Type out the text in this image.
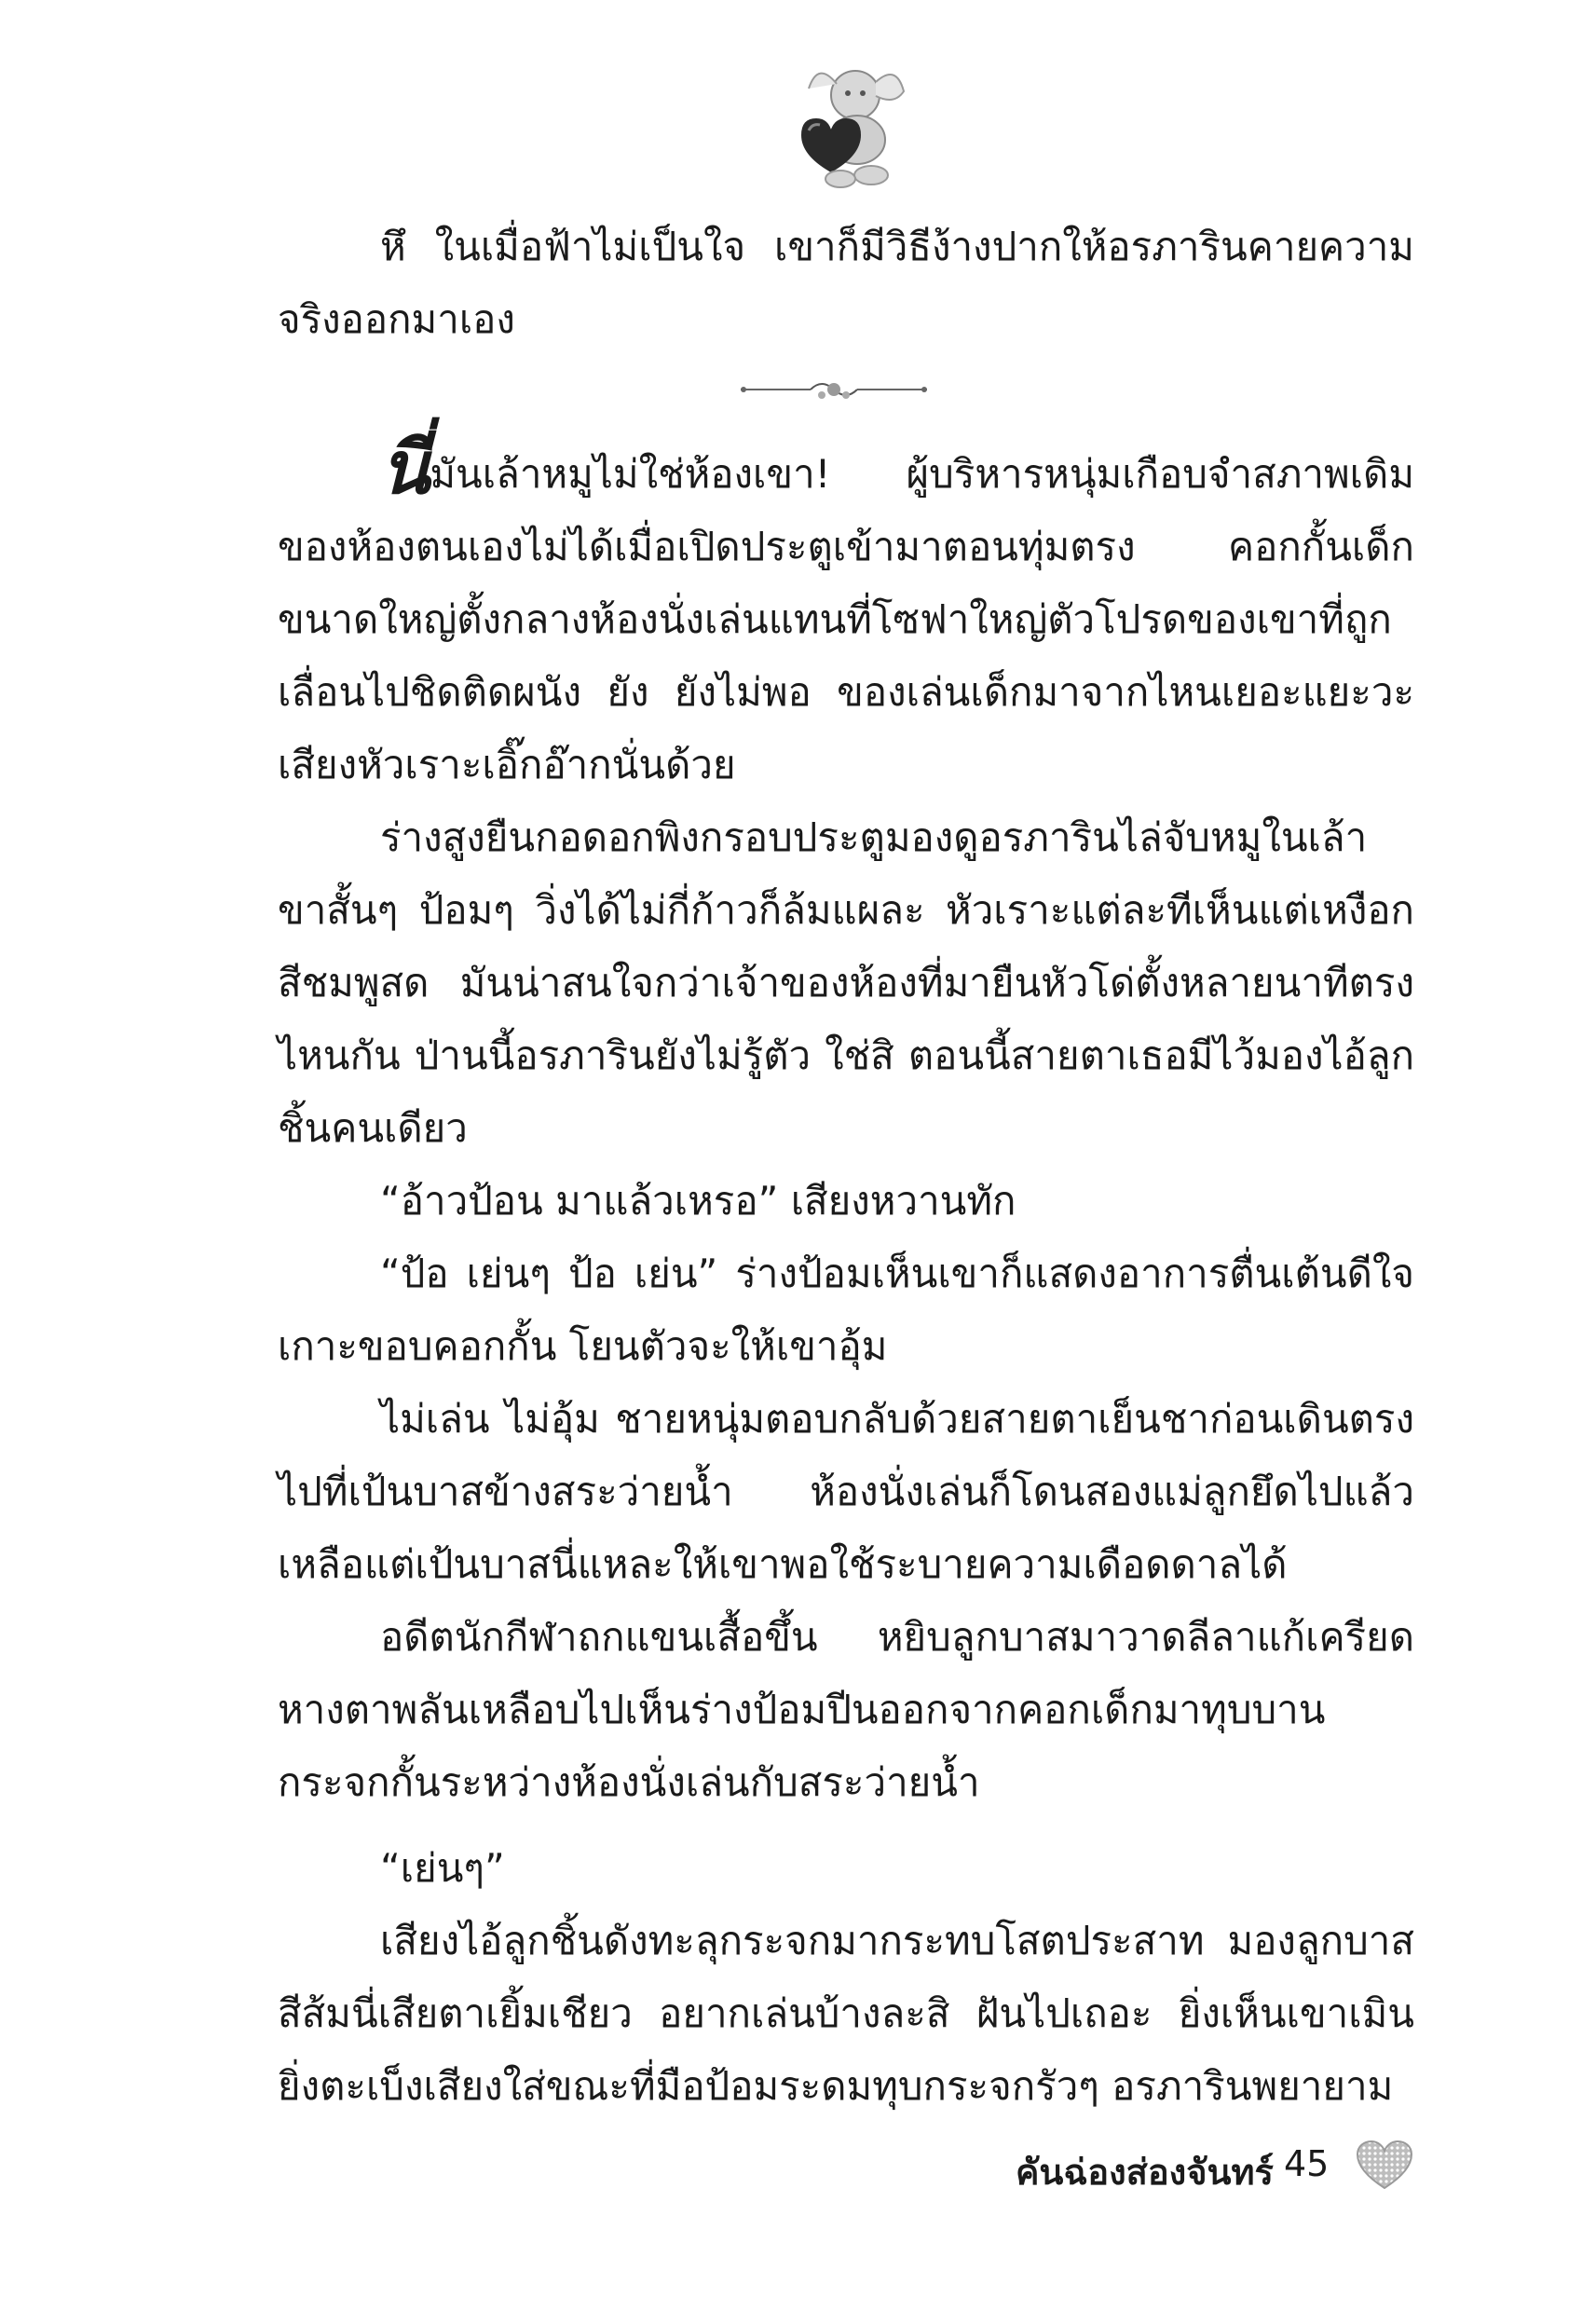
หึ ในเมื่อฟ้าไม่เป็นใจ เขาก็มีวิธีง้างปากให้อรภารินคายความจริงออกมาเอง

นี่มันเล้าหมูไม่ใช่ห้องเขา! ผู้บริหารหนุ่มเกือบจำสภาพเดิมของห้องตนเองไม่ได้เมื่อเปิดประตูเข้ามาตอนทุ่มตรง คอกกั้นเด็กขนาดใหญ่ตั้งกลางห้องนั่งเล่นแทนที่โซฟาใหญ่ตัวโปรดของเขาที่ถูกเลื่อนไปชิดติดผนัง ยัง ยังไม่พอ ของเล่นเด็กมาจากไหนเยอะแยะวะ เสียงหัวเราะเอิ๊กอ๊ากนั่นด้วย

ร่างสูงยืนกอดอกพิงกรอบประตูมองดูอรภารินไล่จับหมูในเล้าขาสั้นๆ ป้อมๆ วิ่งได้ไม่กี่ก้าวก็ล้มแผละ หัวเราะแต่ละทีเห็นแต่เหงือกสีชมพูสด มันน่าสนใจกว่าเจ้าของห้องที่มายืนหัวโด่ตั้งหลายนาทีตรงไหนกัน ป่านนี้อรภารินยังไม่รู้ตัว ใช่สิ ตอนนี้สายตาเธอมีไว้มองไอ้ลูกชิ้นคนเดียว

“อ้าวป้อน มาแล้วเหรอ” เสียงหวานทัก

“ป้อ เย่นๆ ป้อ เย่น” ร่างป้อมเห็นเขาก็แสดงอาการตื่นเต้นดีใจเกาะขอบคอกกั้น โยนตัวจะให้เขาอุ้ม

ไม่เล่น ไม่อุ้ม ชายหนุ่มตอบกลับด้วยสายตาเย็นชาก่อนเดินตรงไปที่เป้นบาสข้างสระว่ายน้ำ ห้องนั่งเล่นก็โดนสองแม่ลูกยึดไปแล้วเหลือแต่เป้นบาสนี่แหละให้เขาพอใช้ระบายความเดือดดาลได้

อดีตนักกีฬาถกแขนเสื้อขึ้น หยิบลูกบาสมาวาดลีลาแก้เครียดหางตาพลันเหลือบไปเห็นร่างป้อมปีนออกจากคอกเด็กมาทุบบานกระจกกั้นระหว่างห้องนั่งเล่นกับสระว่ายน้ำ

“เย่นๆ”

เสียงไอ้ลูกชิ้นดังทะลุกระจกมากระทบโสตประสาท มองลูกบาสสีส้มนี่เสียตาเยิ้มเชียว อยากเล่นบ้างละสิ ฝันไปเถอะ ยิ่งเห็นเขาเมินยิ่งตะเบ็งเสียงใส่ขณะที่มือป้อมระดมทุบกระจกรัวๆ อรภารินพยายาม

คันฉ่องส่องจันทร์ 45
